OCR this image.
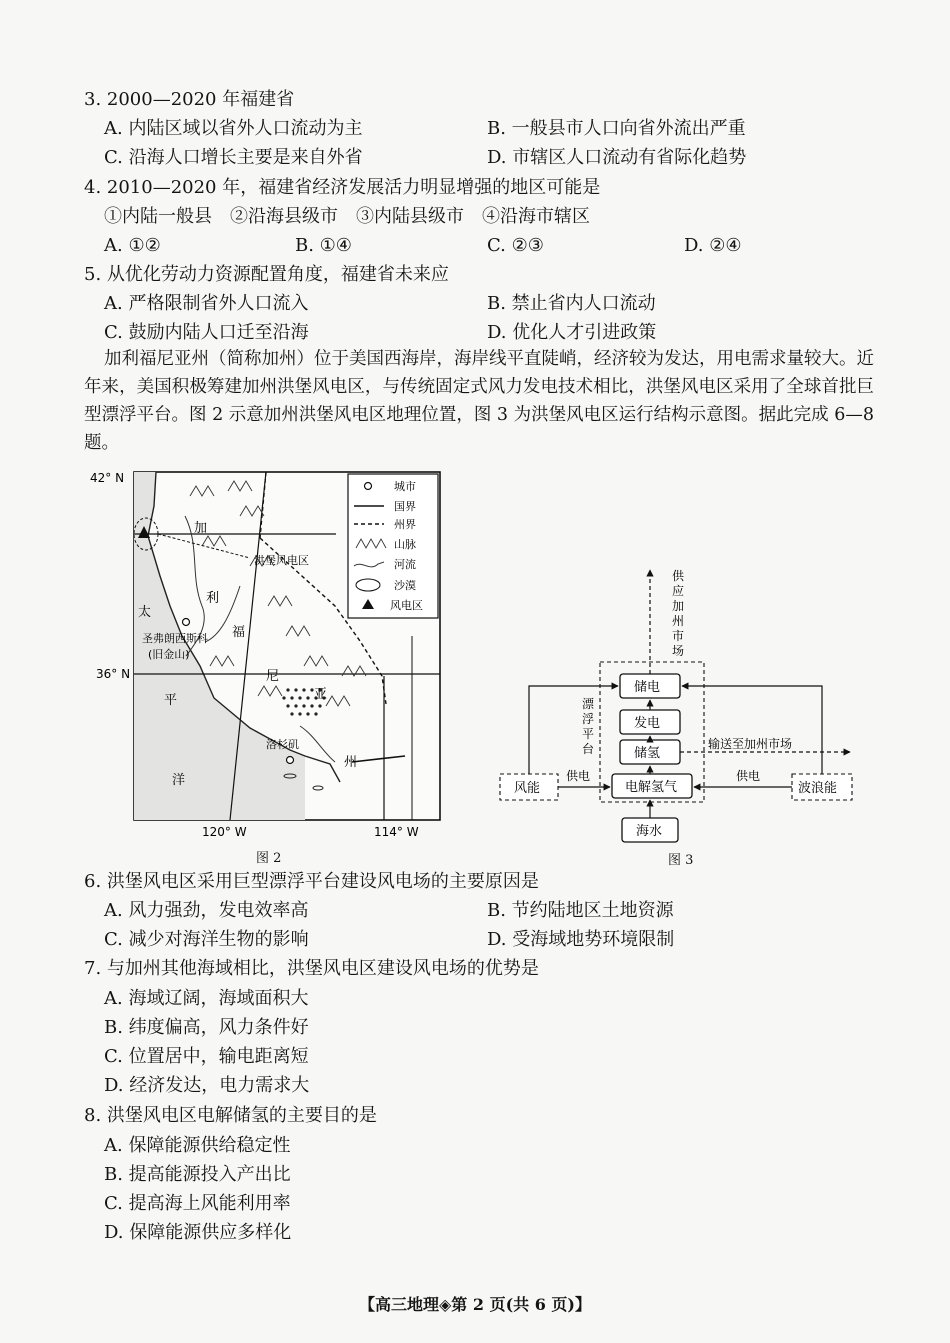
3. 2000—2020 年福建省
A. 内陆区域以省外人口流动为主	B. 一般县市人口向省外流出严重
C. 沿海人口增长主要是来自外省	D. 市辖区人口流动有省际化趋势
4. 2010—2020 年，福建省经济发展活力明显增强的地区可能是
①内陆一般县　②沿海县级市　③内陆县级市　④沿海市辖区
A. ①②	B. ①④	C. ②③	D. ②④
5. 从优化劳动力资源配置角度，福建省未来应
A. 严格限制省外人口流入	B. 禁止省内人口流动
C. 鼓励内陆人口迁至沿海	D. 优化人才引进政策
加利福尼亚州（简称加州）位于美国西海岸，海岸线平直陡峭，经济较为发达，用电需求量较大。近年来，美国积极筹建加州洪堡风电区，与传统固定式风力发电技术相比，洪堡风电区采用了全球首批巨型漂浮平台。图 2 示意加州洪堡风电区地理位置，图 3 为洪堡风电区运行结构示意图。据此完成 6—8 题。
42° N
36° N
120° W	114° W
洪堡风电区
圣弗朗西斯科
(旧金山)
洛杉矶
加
利
福
尼
亚
州
太
平
洋
城市
国界
州界
山脉
河流
沙漠
风电区
图 2
储电
发电
储氢
电解氢气
海水
风能	波浪能
供电	供电
输送至加州市场
供
应
加
州
市
场
漂
浮
平
台
图 3
6. 洪堡风电区采用巨型漂浮平台建设风电场的主要原因是
A. 风力强劲，发电效率高	B. 节约陆地区土地资源
C. 减少对海洋生物的影响	D. 受海域地势环境限制
7. 与加州其他海域相比，洪堡风电区建设风电场的优势是
A. 海域辽阔，海域面积大
B. 纬度偏高，风力条件好
C. 位置居中，输电距离短
D. 经济发达，电力需求大
8. 洪堡风电区电解储氢的主要目的是
A. 保障能源供给稳定性
B. 提高能源投入产出比
C. 提高海上风能利用率
D. 保障能源供应多样化
【高三地理◈第 2 页(共 6 页)】
